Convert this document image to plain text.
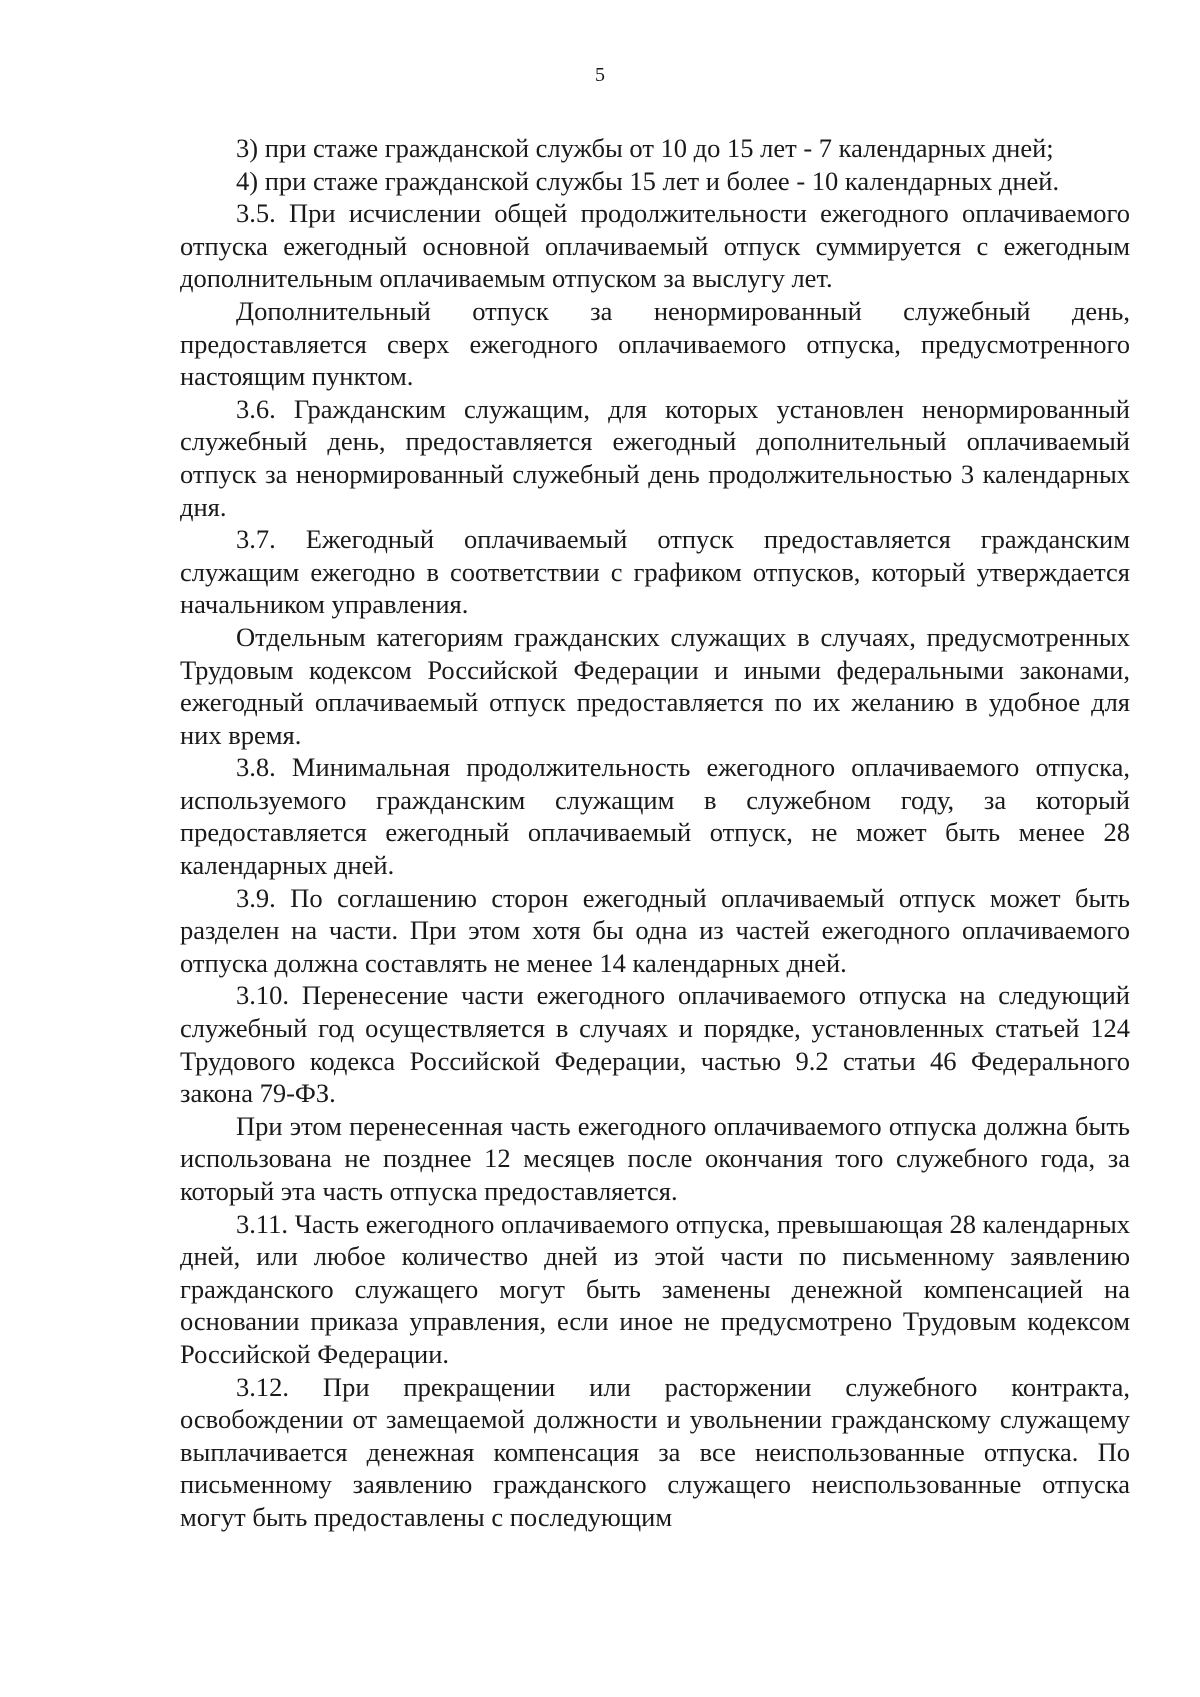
5

3) при стаже гражданской службы от 10 до 15 лет - 7 календарных дней;

4) при стаже гражданской службы 15 лет и более - 10 календарных дней.

3.5. При исчислении общей продолжительности ежегодного оплачиваемого отпуска ежегодный основной оплачиваемый отпуск суммируется с ежегодным дополнительным оплачиваемым отпуском за выслугу лет.

Дополнительный отпуск за ненормированный служебный день, предоставляется сверх ежегодного оплачиваемого отпуска, предусмотренного настоящим пунктом.

3.6. Гражданским служащим, для которых установлен ненормированный служебный день, предоставляется ежегодный дополнительный оплачиваемый отпуск за ненормированный служебный день продолжительностью 3 календарных дня.

3.7. Ежегодный оплачиваемый отпуск предоставляется гражданским служащим ежегодно в соответствии с графиком отпусков, который утверждается начальником управления.

Отдельным категориям гражданских служащих в случаях, предусмотренных Трудовым кодексом Российской Федерации и иными федеральными законами, ежегодный оплачиваемый отпуск предоставляется по их желанию в удобное для них время.

3.8. Минимальная продолжительность ежегодного оплачиваемого отпуска, используемого гражданским служащим в служебном году, за который предоставляется ежегодный оплачиваемый отпуск, не может быть менее 28 календарных дней.

3.9. По соглашению сторон ежегодный оплачиваемый отпуск может быть разделен на части. При этом хотя бы одна из частей ежегодного оплачиваемого отпуска должна составлять не менее 14 календарных дней.

3.10. Перенесение части ежегодного оплачиваемого отпуска на следующий служебный год осуществляется в случаях и порядке, установленных статьей 124 Трудового кодекса Российской Федерации, частью 9.2 статьи 46 Федерального закона 79-ФЗ.

При этом перенесенная часть ежегодного оплачиваемого отпуска должна быть использована не позднее 12 месяцев после окончания того служебного года, за который эта часть отпуска предоставляется.

3.11. Часть ежегодного оплачиваемого отпуска, превышающая 28 календарных дней, или любое количество дней из этой части по письменному заявлению гражданского служащего могут быть заменены денежной компенсацией на основании приказа управления, если иное не предусмотрено Трудовым кодексом Российской Федерации.

3.12. При прекращении или расторжении служебного контракта, освобождении от замещаемой должности и увольнении гражданскому служащему выплачивается денежная компенсация за все неиспользованные отпуска. По письменному заявлению гражданского служащего неиспользованные отпуска могут быть предоставлены с последующим
